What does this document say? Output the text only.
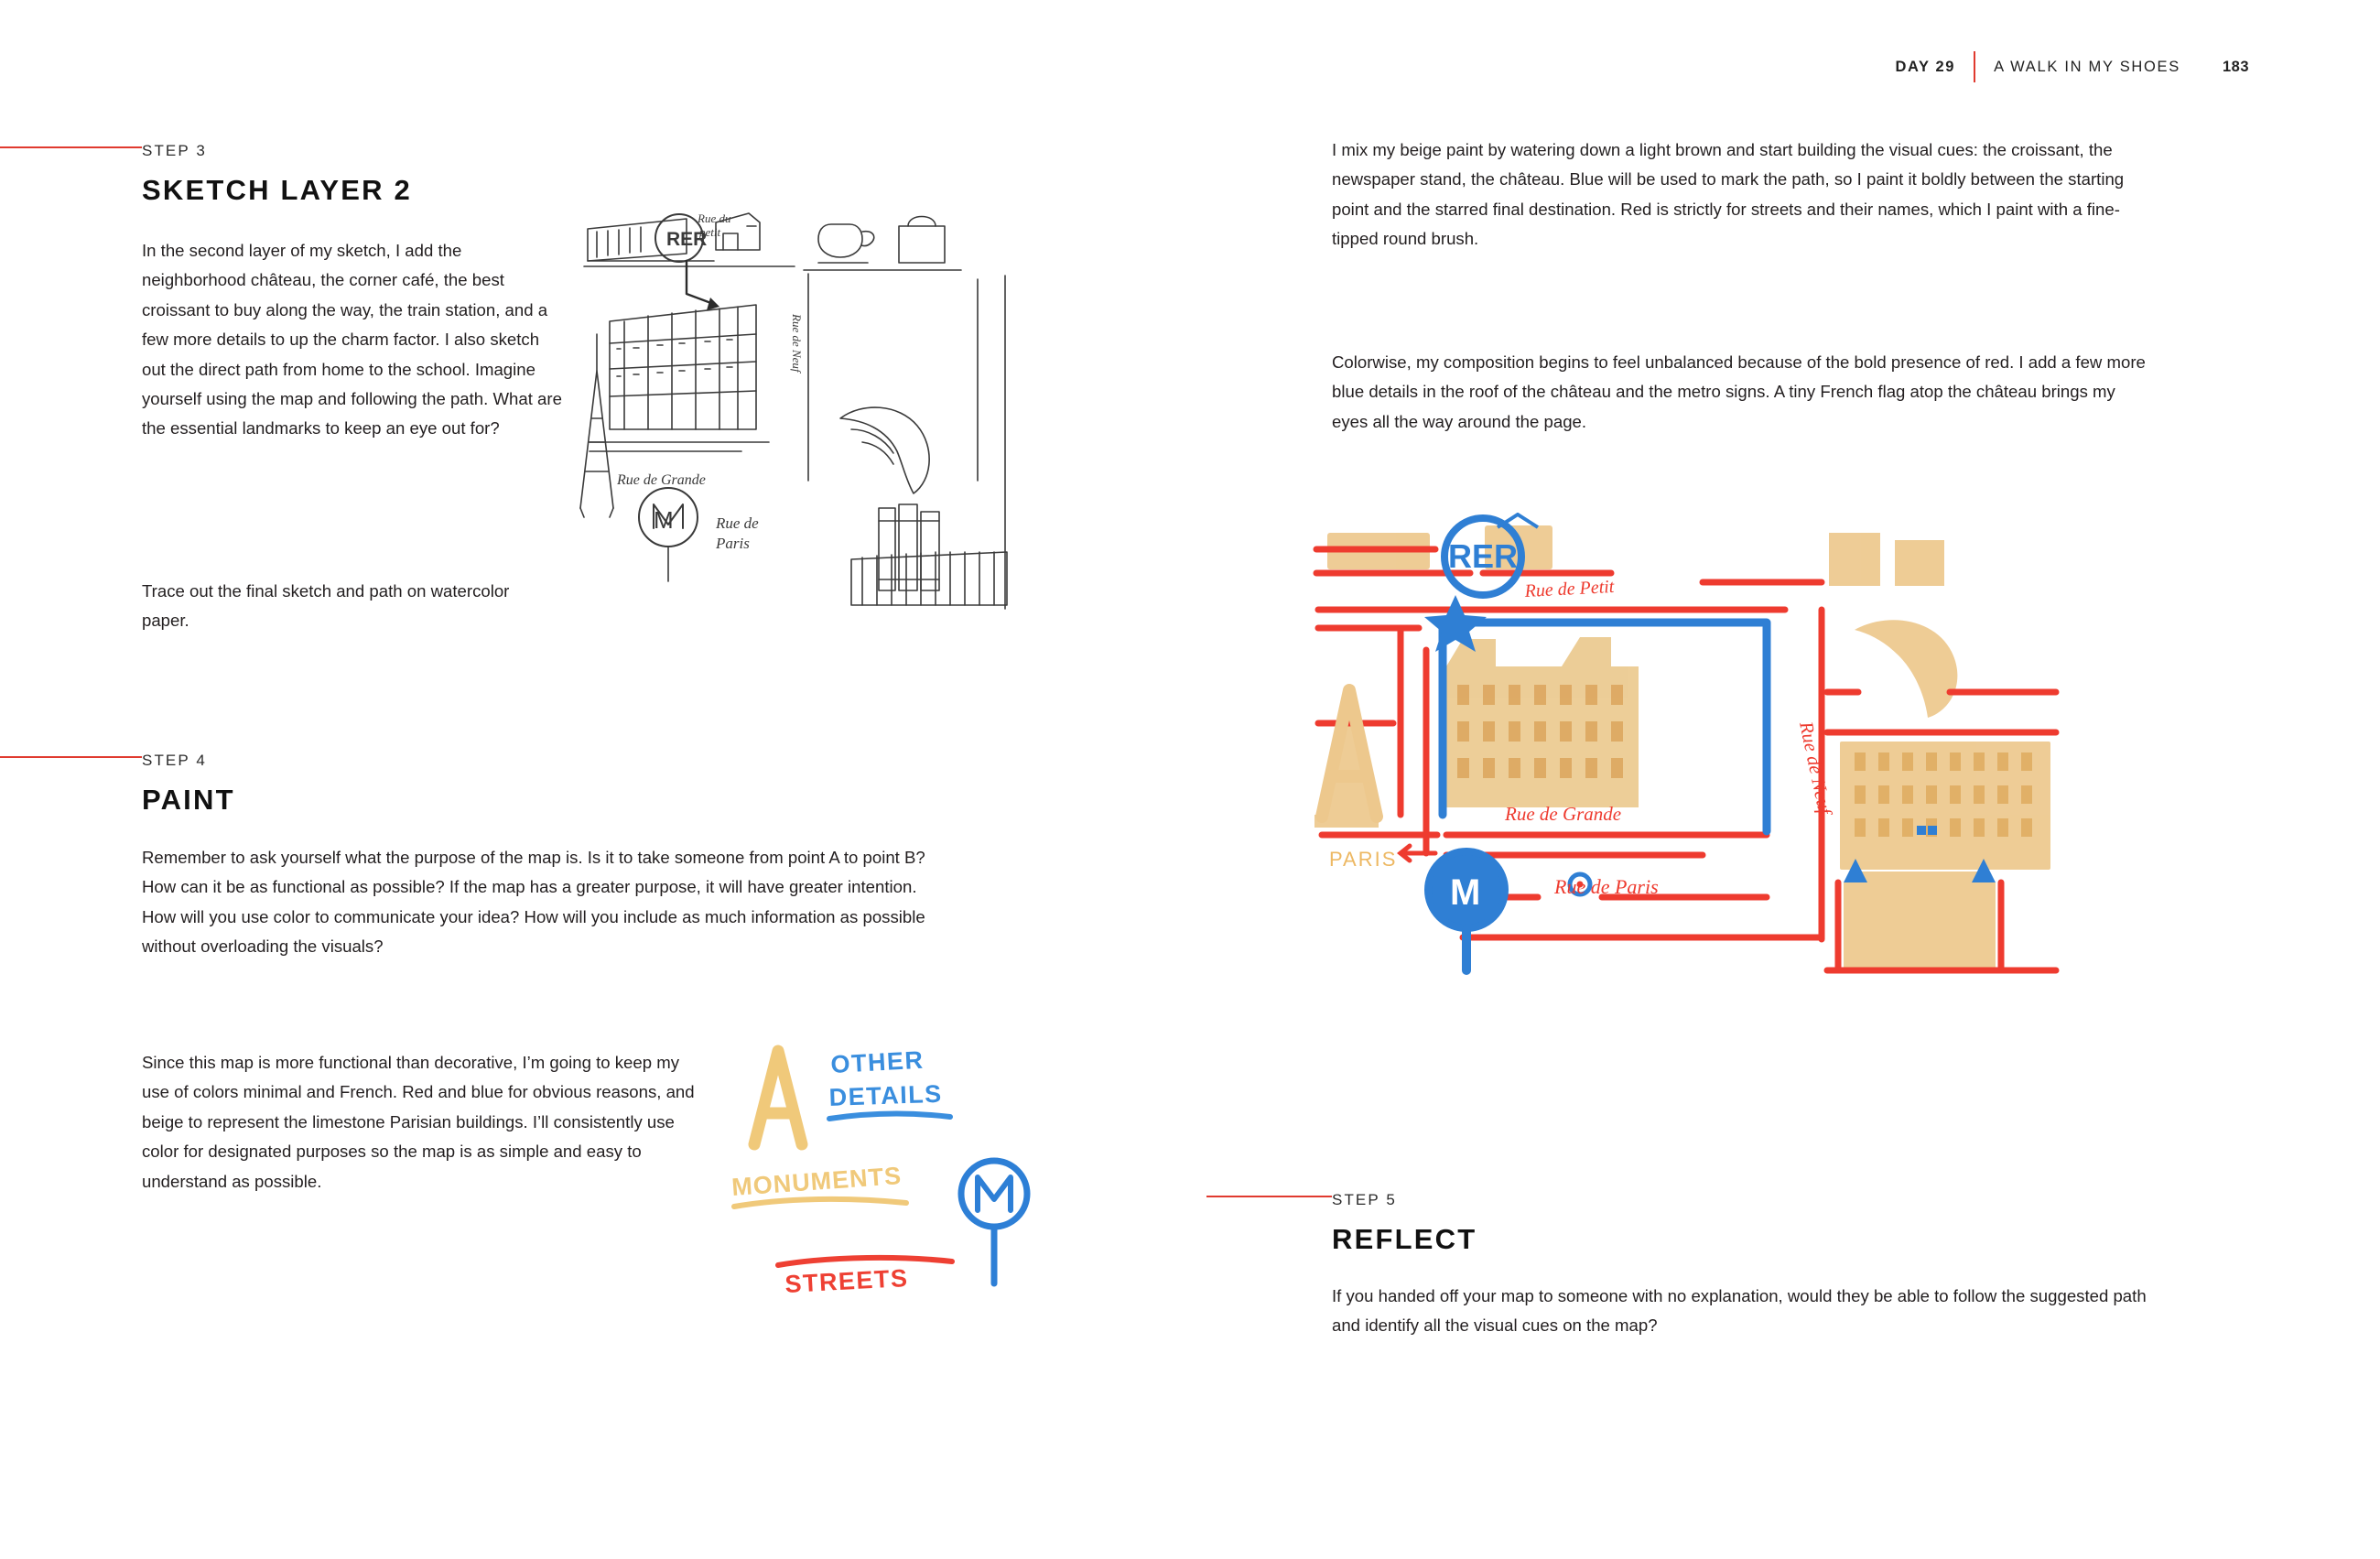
DAY 29	A WALK IN MY SHOES	183
STEP 3
SKETCH LAYER 2
In the second layer of my sketch, I add the neighborhood château, the corner café, the best croissant to buy along the way, the train station, and a few more details to up the charm factor. I also sketch out the direct path from home to the school. Imagine yourself using the map and following the path. What are the essential landmarks to keep an eye out for?
Trace out the final sketch and path on watercolor paper.
RER
Rue du
petit
Rue de Neuf
Rue de Grande
Rue de
Paris
M
STEP 4
PAINT
Remember to ask yourself what the purpose of the map is. Is it to take someone from point A to point B? How can it be as functional as possible? If the map has a greater purpose, it will have greater intention. How will you use color to communicate your idea? How will you include as much information as possible without overloading the visuals?
Since this map is more functional than decorative, I’m going to keep my use of colors minimal and French. Red and blue for obvious reasons, and beige to represent the limestone Parisian buildings. I’ll consistently use color for designated purposes so the map is as simple and easy to understand as possible.
OTHER
DETAILS
MONUMENTS
STREETS
I mix my beige paint by watering down a light brown and start building the visual cues: the croissant, the newspaper stand, the château. Blue will be used to mark the path, so I paint it boldly between the starting point and the starred final destination. Red is strictly for streets and their names, which I paint with a fine-tipped round brush.
Colorwise, my composition begins to feel unbalanced because of the bold presence of red. I add a few more blue details in the roof of the château and the metro signs. A tiny French flag atop the château brings my eyes all the way around the page.
RER
M
Rue de Petit
Rue de Grande
Rue de Paris
Rue de Neuf
PARIS
STEP 5
REFLECT
If you handed off your map to someone with no explanation, would they be able to follow the suggested path and identify all the visual cues on the map?
